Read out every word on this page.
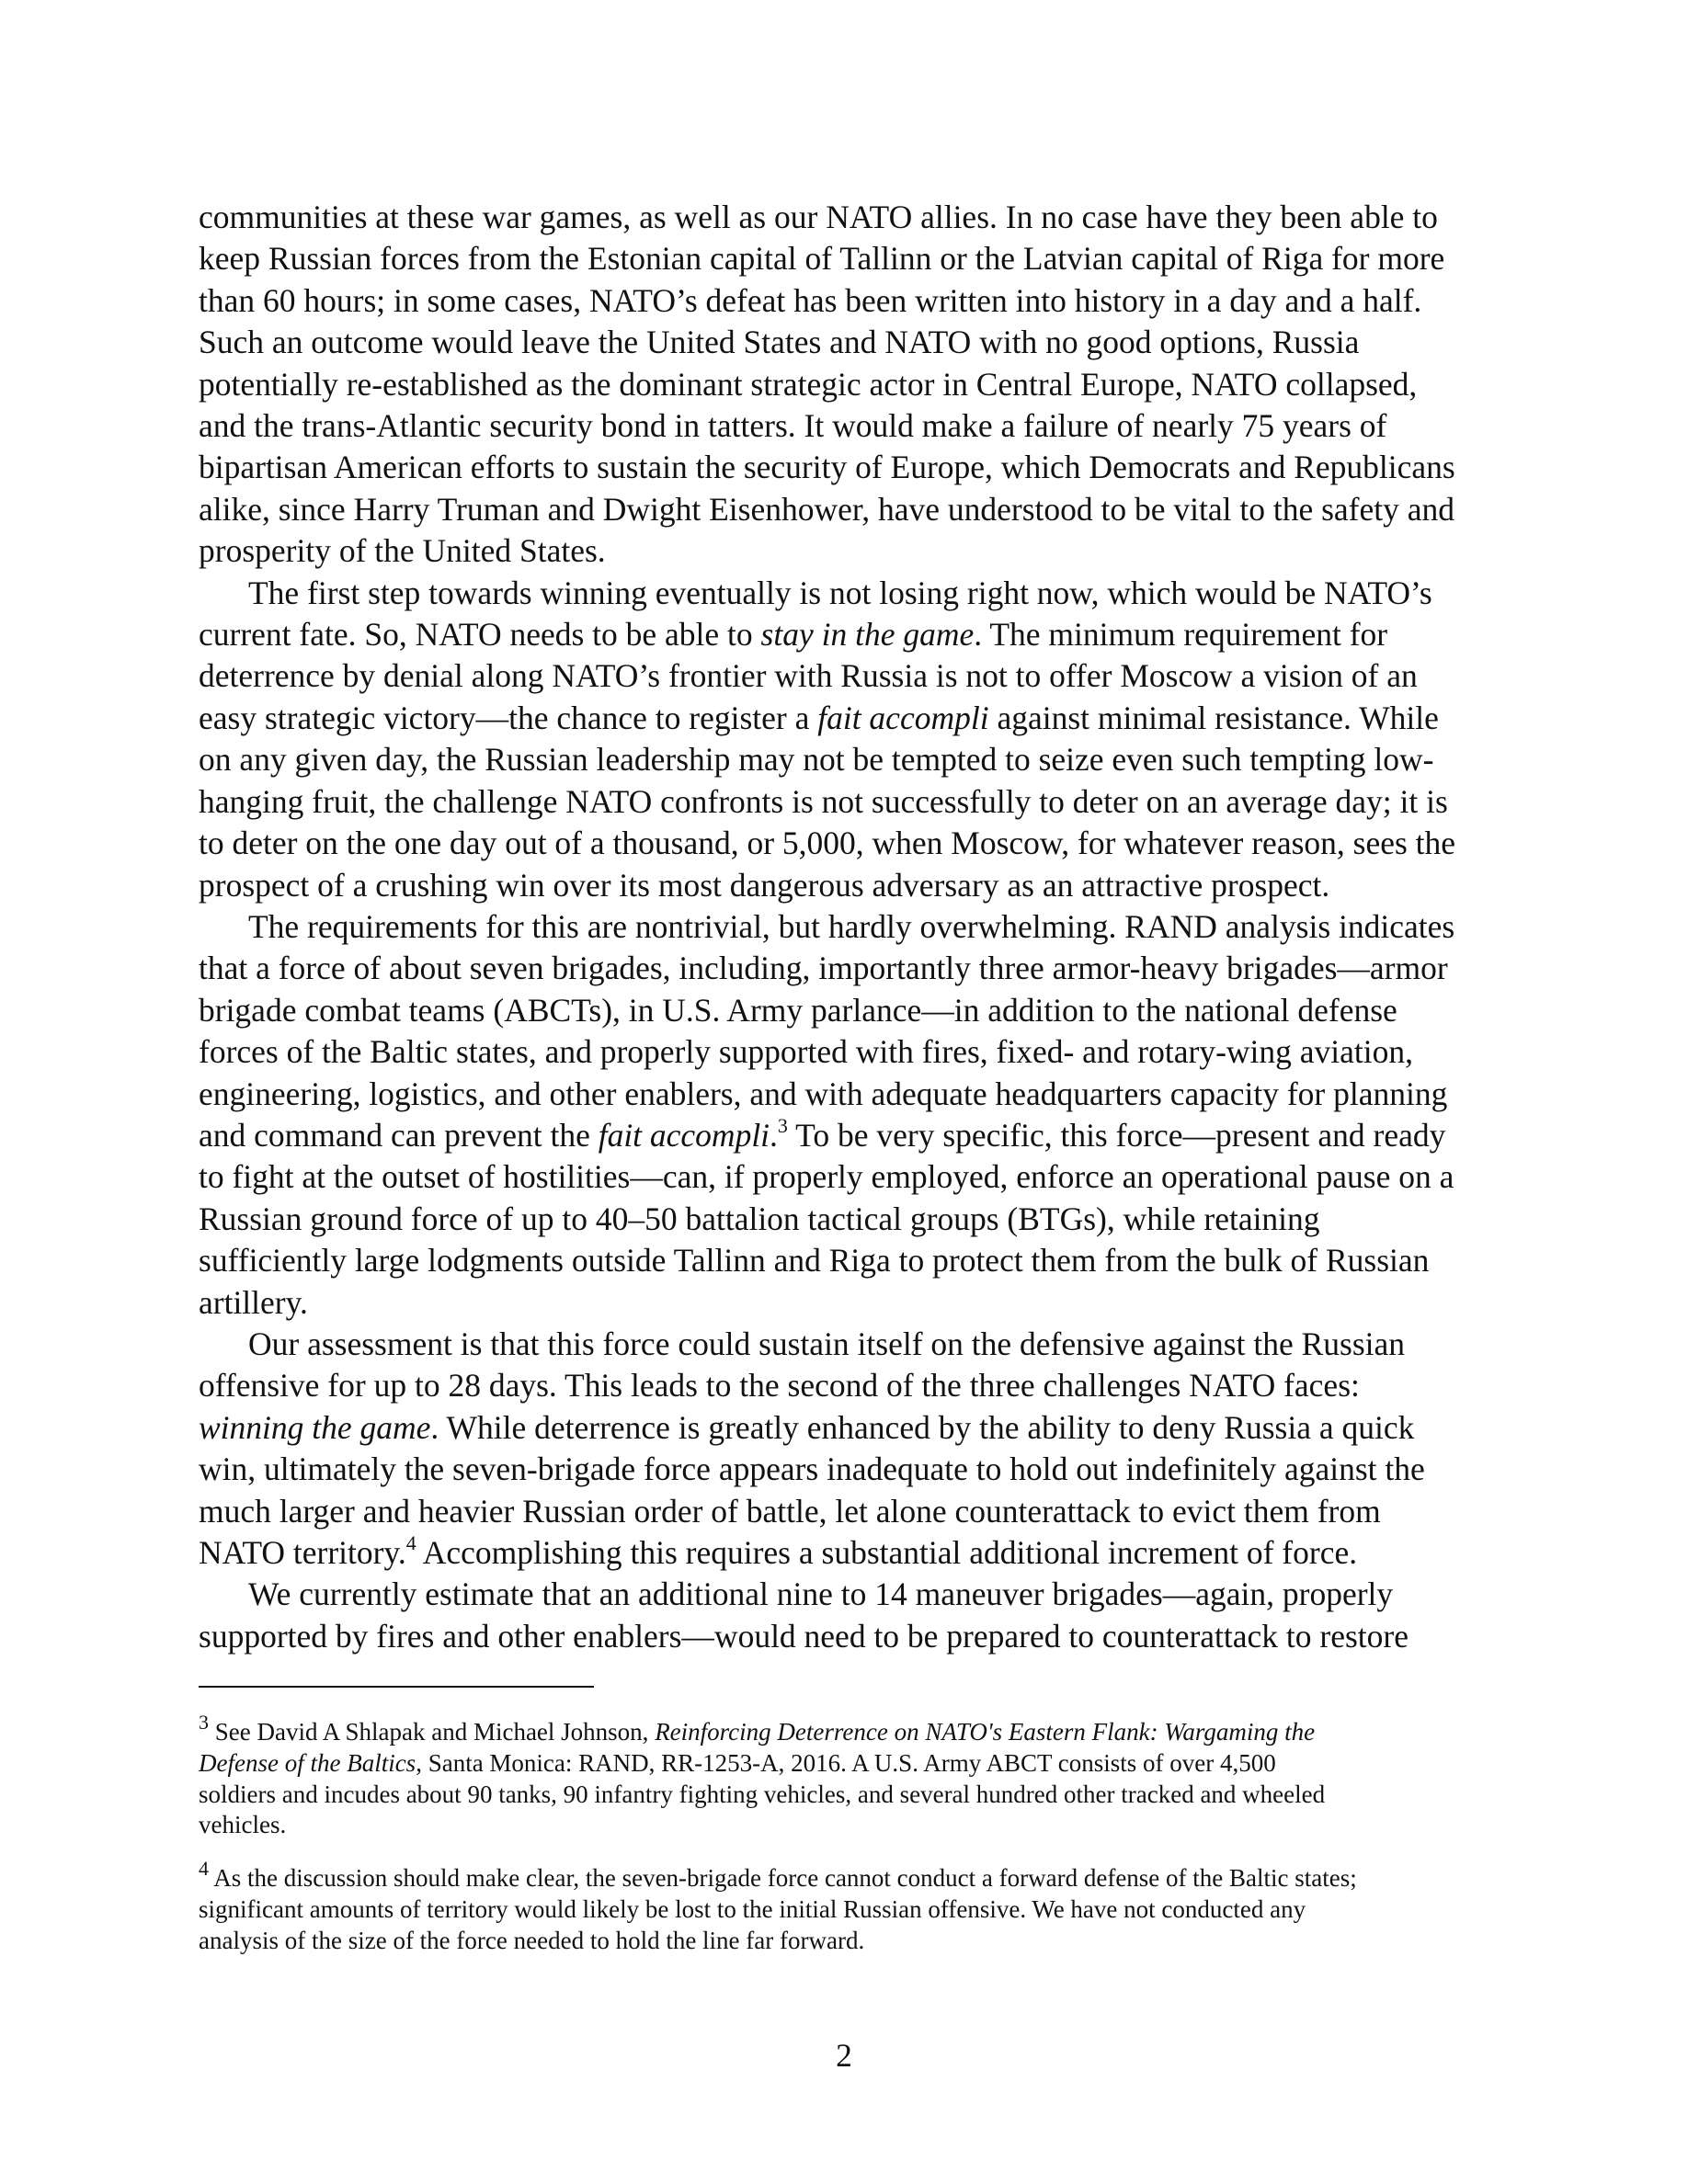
communities at these war games, as well as our NATO allies. In no case have they been able to
keep Russian forces from the Estonian capital of Tallinn or the Latvian capital of Riga for more
than 60 hours; in some cases, NATO’s defeat has been written into history in a day and a half.
Such an outcome would leave the United States and NATO with no good options, Russia
potentially re-established as the dominant strategic actor in Central Europe, NATO collapsed,
and the trans-Atlantic security bond in tatters. It would make a failure of nearly 75 years of
bipartisan American efforts to sustain the security of Europe, which Democrats and Republicans
alike, since Harry Truman and Dwight Eisenhower, have understood to be vital to the safety and
prosperity of the United States.

The first step towards winning eventually is not losing right now, which would be NATO’s
current fate. So, NATO needs to be able to stay in the game. The minimum requirement for
deterrence by denial along NATO’s frontier with Russia is not to offer Moscow a vision of an
easy strategic victory—the chance to register a fait accompli against minimal resistance. While
on any given day, the Russian leadership may not be tempted to seize even such tempting low-
hanging fruit, the challenge NATO confronts is not successfully to deter on an average day; it is
to deter on the one day out of a thousand, or 5,000, when Moscow, for whatever reason, sees the
prospect of a crushing win over its most dangerous adversary as an attractive prospect.

The requirements for this are nontrivial, but hardly overwhelming. RAND analysis indicates
that a force of about seven brigades, including, importantly three armor-heavy brigades—armor
brigade combat teams (ABCTs), in U.S. Army parlance—in addition to the national defense
forces of the Baltic states, and properly supported with fires, fixed- and rotary-wing aviation,
engineering, logistics, and other enablers, and with adequate headquarters capacity for planning
and command can prevent the fait accompli.$^3$ To be very specific, this force—present and ready
to fight at the outset of hostilities—can, if properly employed, enforce an operational pause on a
Russian ground force of up to 40–50 battalion tactical groups (BTGs), while retaining
sufficiently large lodgments outside Tallinn and Riga to protect them from the bulk of Russian
artillery.

Our assessment is that this force could sustain itself on the defensive against the Russian
offensive for up to 28 days. This leads to the second of the three challenges NATO faces:
winning the game. While deterrence is greatly enhanced by the ability to deny Russia a quick
win, ultimately the seven-brigade force appears inadequate to hold out indefinitely against the
much larger and heavier Russian order of battle, let alone counterattack to evict them from
NATO territory.$^4$ Accomplishing this requires a substantial additional increment of force.

We currently estimate that an additional nine to 14 maneuver brigades—again, properly
supported by fires and other enablers—would need to be prepared to counterattack to restore

$^3$ See David A Shlapak and Michael Johnson, Reinforcing Deterrence on NATO's Eastern Flank: Wargaming the
Defense of the Baltics, Santa Monica: RAND, RR-1253-A, 2016. A U.S. Army ABCT consists of over 4,500
soldiers and incudes about 90 tanks, 90 infantry fighting vehicles, and several hundred other tracked and wheeled
vehicles.

$^4$ As the discussion should make clear, the seven-brigade force cannot conduct a forward defense of the Baltic states;
significant amounts of territory would likely be lost to the initial Russian offensive. We have not conducted any
analysis of the size of the force needed to hold the line far forward.

2
